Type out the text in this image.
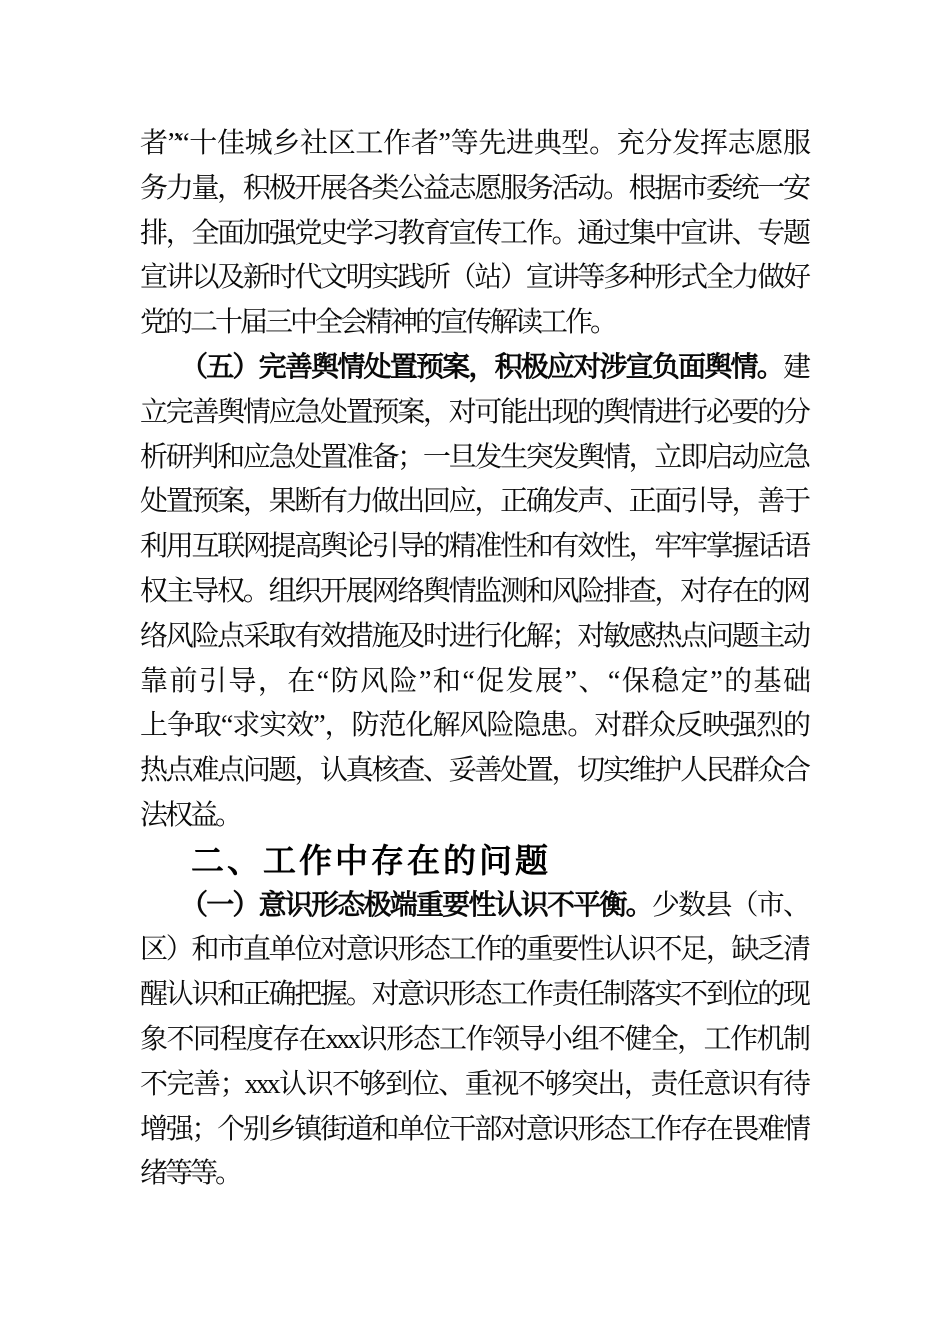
者”“十佳城乡社区工作者”等先进典型。充分发挥志愿服
务力量，积极开展各类公益志愿服务活动。根据市委统一安
排，全面加强党史学习教育宣传工作。通过集中宣讲、专题
宣讲以及新时代文明实践所（站）宣讲等多种形式全力做好
党的二十届三中全会精神的宣传解读工作。
（五）完善舆情处置预案，积极应对涉宣负面舆情。建
立完善舆情应急处置预案，对可能出现的舆情进行必要的分
析研判和应急处置准备；一旦发生突发舆情，立即启动应急
处置预案，果断有力做出回应，正确发声、正面引导，善于
利用互联网提高舆论引导的精准性和有效性，牢牢掌握话语
权主导权。组织开展网络舆情监测和风险排查，对存在的网
络风险点采取有效措施及时进行化解；对敏感热点问题主动
靠前引导，在“防风险”和“促发展”、“保稳定”的基础
上争取“求实效”，防范化解风险隐患。对群众反映强烈的
热点难点问题，认真核查、妥善处置，切实维护人民群众合
法权益。
二、工作中存在的问题
（一）意识形态极端重要性认识不平衡。少数县（市、
区）和市直单位对意识形态工作的重要性认识不足，缺乏清
醒认识和正确把握。对意识形态工作责任制落实不到位的现
象不同程度存在xxx识形态工作领导小组不健全，工作机制
不完善；xxx认识不够到位、重视不够突出，责任意识有待
增强；个别乡镇街道和单位干部对意识形态工作存在畏难情
绪等等。
